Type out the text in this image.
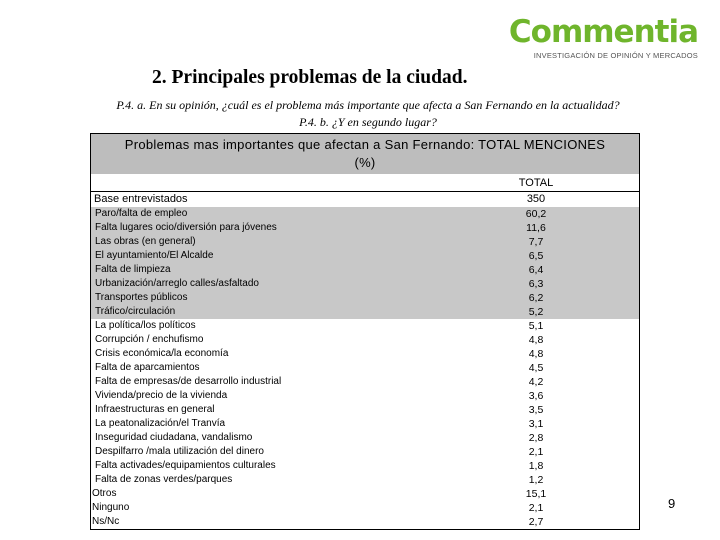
Commentia
INVESTIGACIÓN DE OPINIÓN Y MERCADOS
2. Principales problemas de la ciudad.
P.4. a. En su opinión, ¿cuál es el problema más importante que afecta a San Fernando en la actualidad?
P.4. b. ¿Y en segundo lugar?
Problemas mas importantes que afectan a San Fernando: TOTAL MENCIONES
(%)
TOTAL
Base entrevistados	350
Paro/falta de empleo	60,2
Falta lugares ocio/diversión para jóvenes	11,6
Las obras (en general)	7,7
El ayuntamiento/El Alcalde	6,5
Falta de limpieza	6,4
Urbanización/arreglo calles/asfaltado	6,3
Transportes públicos	6,2
Tráfico/circulación	5,2
La política/los políticos	5,1
Corrupción / enchufismo	4,8
Crisis económica/la economía	4,8
Falta de aparcamientos	4,5
Falta de empresas/de desarrollo industrial	4,2
Vivienda/precio de la vivienda	3,6
Infraestructuras en general	3,5
La peatonalización/el Tranvía	3,1
Inseguridad ciudadana, vandalismo	2,8
Despilfarro /mala utilización del dinero	2,1
Falta activades/equipamientos culturales	1,8
Falta de zonas verdes/parques	1,2
Otros	15,1
Ninguno	2,1
Ns/Nc	2,7
9
